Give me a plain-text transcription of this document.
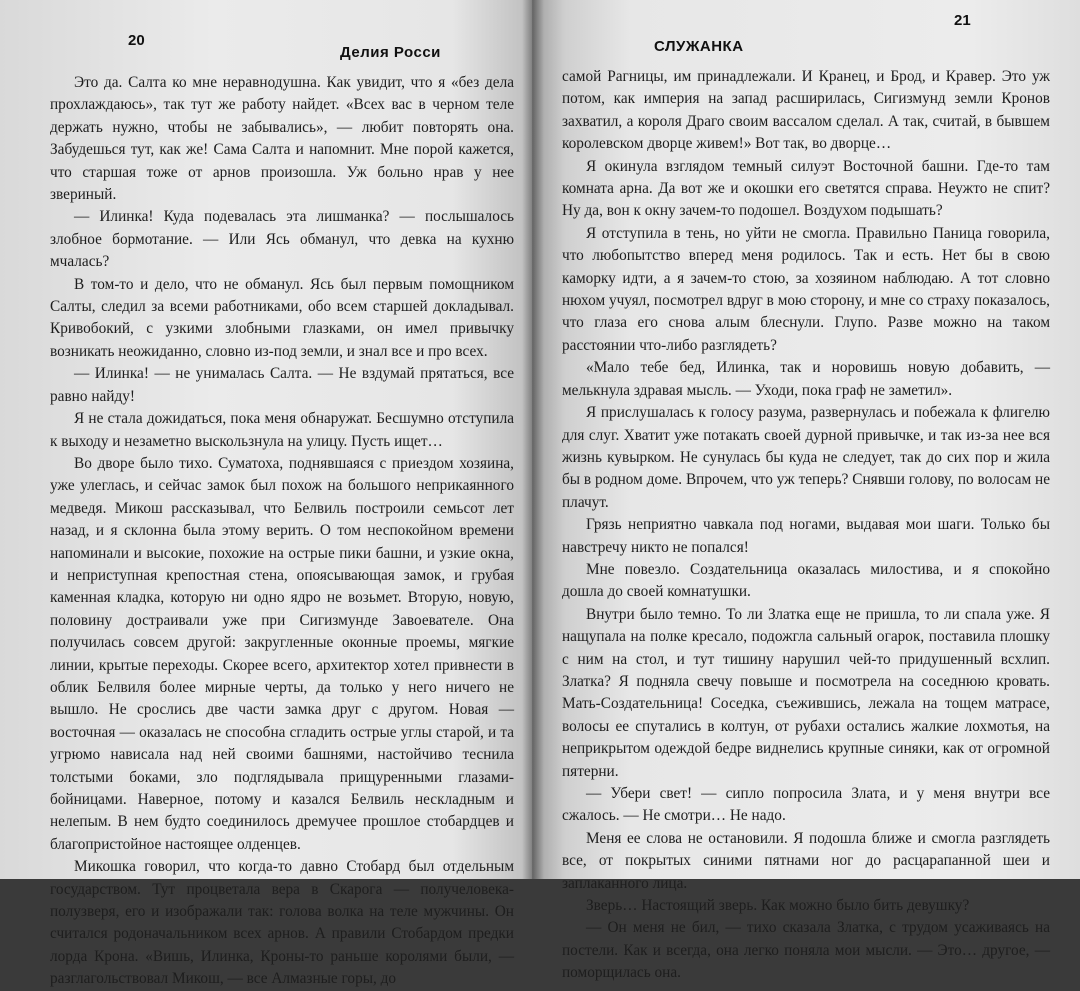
20
Делия Росси

Это да. Салта ко мне неравнодушна. Как увидит, что я «без дела прохлаждаюсь», так тут же работу найдет. «Всех вас в черном теле держать нужно, чтобы не забывались», — любит повторять она. Забудешься тут, как же! Сама Салта и напомнит. Мне порой кажется, что старшая тоже от арнов произошла. Уж больно нрав у нее звериный.

— Илинка! Куда подевалась эта лишманка? — послышалось злобное бормотание. — Или Ясь обманул, что девка на кухню мчалась?

В том-то и дело, что не обманул. Ясь был первым помощником Салты, следил за всеми работниками, обо всем старшей докладывал. Кривобокий, с узкими злобными глазками, он имел привычку возникать неожиданно, словно из-под земли, и знал все и про всех.

— Илинка! — не унималась Салта. — Не вздумай прятаться, все равно найду!

Я не стала дожидаться, пока меня обнаружат. Бесшумно отступила к выходу и незаметно выскользнула на улицу. Пусть ищет…

Во дворе было тихо. Суматоха, поднявшаяся с приездом хозяина, уже улеглась, и сейчас замок был похож на большого неприкаянного медведя. Микош рассказывал, что Белвиль построили семьсот лет назад, и я склонна была этому верить. О том неспокойном времени напоминали и высокие, похожие на острые пики башни, и узкие окна, и неприступная крепостная стена, опоясывающая замок, и грубая каменная кладка, которую ни одно ядро не возьмет. Вторую, новую, половину достраивали уже при Сигизмунде Завоевателе. Она получилась совсем другой: закругленные оконные проемы, мягкие линии, крытые переходы. Скорее всего, архитектор хотел привнести в облик Белвиля более мирные черты, да только у него ничего не вышло. Не срослись две части замка друг с другом. Новая — восточная — оказалась не способна сгладить острые углы старой, и та угрюмо нависала над ней своими башнями, настойчиво теснила толстыми боками, зло подглядывала прищуренными глазами-бойницами. Наверное, потому и казался Белвиль нескладным и нелепым. В нем будто соединилось дремучее прошлое стобардцев и благопристойное настоящее олденцев.

Микошка говорил, что когда-то давно Стобард был отдельным государством. Тут процветала вера в Скарога — получеловека-полузверя, его и изображали так: голова волка на теле мужчины. Он считался родоначальником всех арнов. А правили Стобардом предки лорда Крона. «Вишь, Илинка, Кроны-то раньше королями были, — разглагольствовал Микош, — все Алмазные горы, до

21
СЛУЖАНКА

самой Рагницы, им принадлежали. И Кранец, и Брод, и Кравер. Это уж потом, как империя на запад расширилась, Сигизмунд земли Кронов захватил, а короля Драго своим вассалом сделал. А так, считай, в бывшем королевском дворце живем!» Вот так, во дворце…

Я окинула взглядом темный силуэт Восточной башни. Где-то там комната арна. Да вот же и окошки его светятся справа. Неужто не спит? Ну да, вон к окну зачем-то подошел. Воздухом подышать?

Я отступила в тень, но уйти не смогла. Правильно Паница говорила, что любопытство вперед меня родилось. Так и есть. Нет бы в свою каморку идти, а я зачем-то стою, за хозяином наблюдаю. А тот словно нюхом учуял, посмотрел вдруг в мою сторону, и мне со страху показалось, что глаза его снова алым блеснули. Глупо. Разве можно на таком расстоянии что-либо разглядеть?

«Мало тебе бед, Илинка, так и норовишь новую добавить, — мелькнула здравая мысль. — Уходи, пока граф не заметил».

Я прислушалась к голосу разума, развернулась и побежала к флигелю для слуг. Хватит уже потакать своей дурной привычке, и так из-за нее вся жизнь кувырком. Не сунулась бы куда не следует, так до сих пор и жила бы в родном доме. Впрочем, что уж теперь? Снявши голову, по волосам не плачут.

Грязь неприятно чавкала под ногами, выдавая мои шаги. Только бы навстречу никто не попался!

Мне повезло. Создательница оказалась милостива, и я спокойно дошла до своей комнатушки.

Внутри было темно. То ли Златка еще не пришла, то ли спала уже. Я нащупала на полке кресало, подожгла сальный огарок, поставила плошку с ним на стол, и тут тишину нарушил чей-то придушенный всхлип. Златка? Я подняла свечу повыше и посмотрела на соседнюю кровать. Мать-Создательница! Соседка, съежившись, лежала на тощем матрасе, волосы ее спутались в колтун, от рубахи остались жалкие лохмотья, на неприкрытом одеждой бедре виднелись крупные синяки, как от огромной пятерни.

— Убери свет! — сипло попросила Злата, и у меня внутри все сжалось. — Не смотри… Не надо.

Меня ее слова не остановили. Я подошла ближе и смогла разглядеть все, от покрытых синими пятнами ног до расцарапанной шеи и заплаканного лица.

Зверь… Настоящий зверь. Как можно было бить девушку?

— Он меня не бил, — тихо сказала Златка, с трудом усаживаясь на постели. Как и всегда, она легко поняла мои мысли. — Это… другое, — поморщилась она.
